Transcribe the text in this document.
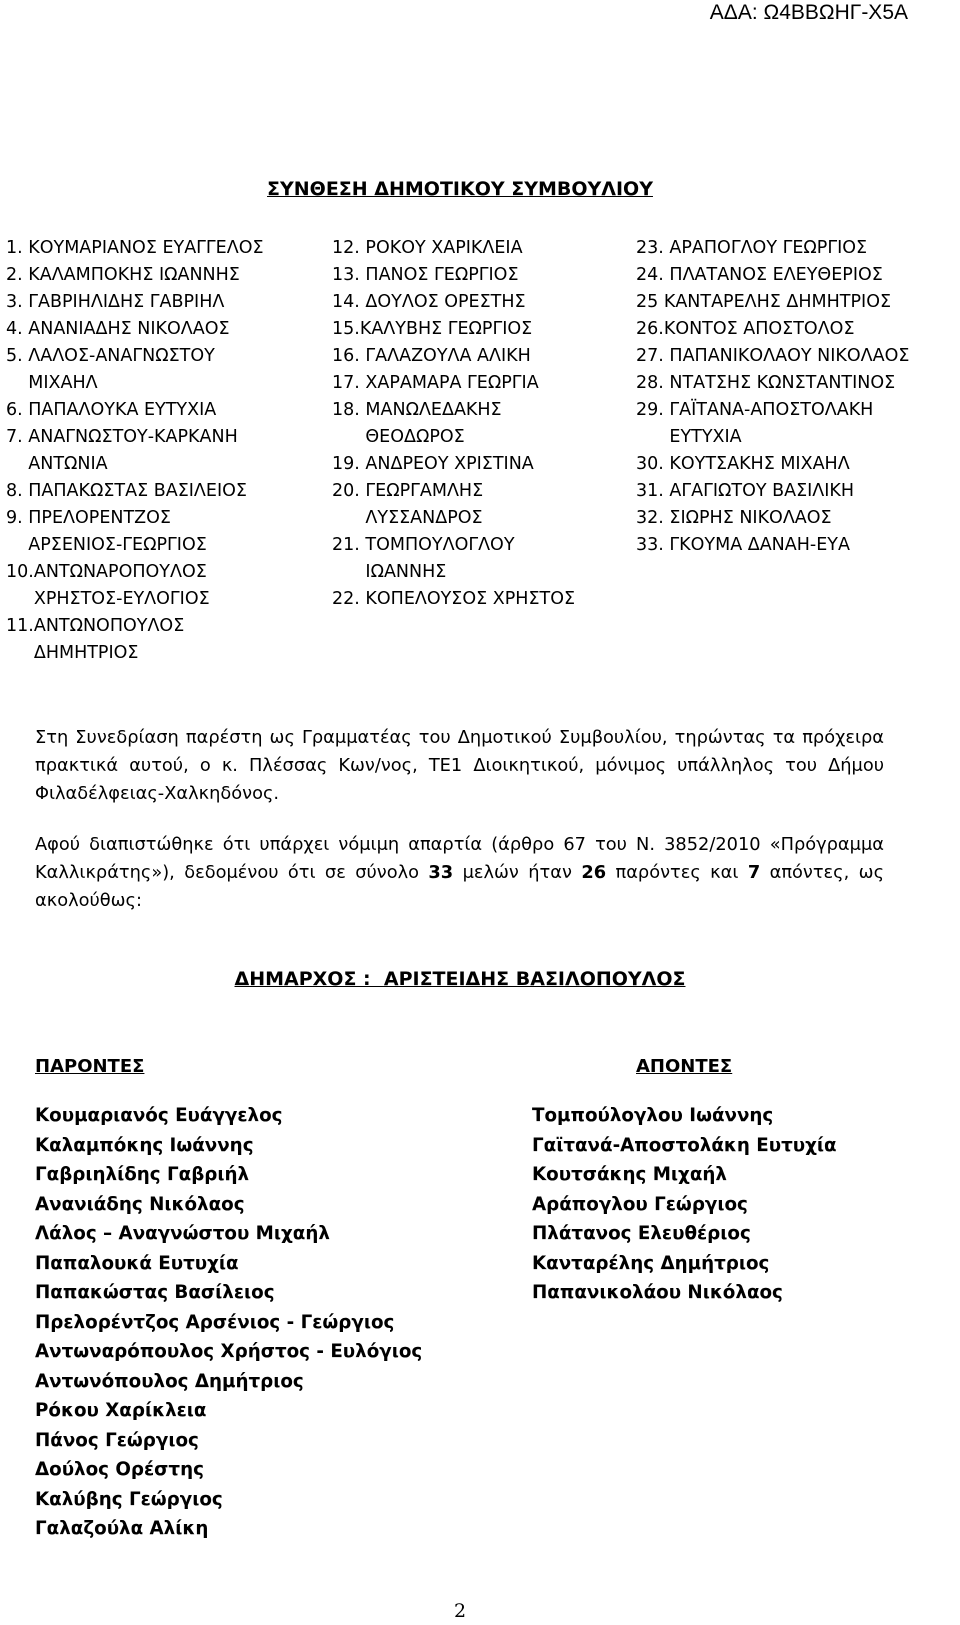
ΑΔΑ: Ω4ΒΒΩΗΓ-Χ5Α
ΣΥΝΘΕΣΗ ΔΗΜΟΤΙΚΟΥ ΣΥΜΒΟΥΛΙΟΥ
1. ΚΟΥΜΑΡΙΑΝΟΣ ΕΥΑΓΓΕΛΟΣ
2. ΚΑΛΑΜΠΟΚΗΣ ΙΩΑΝΝΗΣ
3. ΓΑΒΡΙΗΛΙΔΗΣ ΓΑΒΡΙΗΛ
4. ΑΝΑΝΙΑΔΗΣ ΝΙΚΟΛΑΟΣ
5. ΛΑΛΟΣ-ΑΝΑΓΝΩΣΤΟΥ
ΜΙΧΑΗΛ
6. ΠΑΠΑΛΟΥΚΑ ΕΥΤΥΧΙΑ
7. ΑΝΑΓΝΩΣΤΟΥ-ΚΑΡΚΑΝΗ
ΑΝΤΩΝΙΑ
8. ΠΑΠΑΚΩΣΤΑΣ ΒΑΣΙΛΕΙΟΣ
9. ΠΡΕΛΟΡΕΝΤΖΟΣ
ΑΡΣΕΝΙΟΣ-ΓΕΩΡΓΙΟΣ
10. ΑΝΤΩΝΑΡΟΠΟΥΛΟΣ
ΧΡΗΣΤΟΣ-ΕΥΛΟΓΙΟΣ
11. ΑΝΤΩΝΟΠΟΥΛΟΣ
ΔΗΜΗΤΡΙΟΣ
12. ΡΟΚΟΥ ΧΑΡΙΚΛΕΙΑ
13. ΠΑΝΟΣ ΓΕΩΡΓΙΟΣ
14. ΔΟΥΛΟΣ ΟΡΕΣΤΗΣ
15. ΚΑΛΥΒΗΣ ΓΕΩΡΓΙΟΣ
16. ΓΑΛΑΖΟΥΛΑ ΑΛΙΚΗ
17. ΧΑΡΑΜΑΡΑ ΓΕΩΡΓΙΑ
18. ΜΑΝΩΛΕΔΑΚΗΣ
ΘΕΟΔΩΡΟΣ
19. ΑΝΔΡΕΟΥ ΧΡΙΣΤΙΝΑ
20. ΓΕΩΡΓΑΜΛΗΣ
ΛΥΣΣΑΝΔΡΟΣ
21. ΤΟΜΠΟΥΛΟΓΛΟΥ
ΙΩΑΝΝΗΣ
22. ΚΟΠΕΛΟΥΣΟΣ ΧΡΗΣΤΟΣ
23. ΑΡΑΠΟΓΛΟΥ ΓΕΩΡΓΙΟΣ
24. ΠΛΑΤΑΝΟΣ ΕΛΕΥΘΕΡΙΟΣ
25 ΚΑΝΤΑΡΕΛΗΣ ΔΗΜΗΤΡΙΟΣ
26. ΚΟΝΤΟΣ ΑΠΟΣΤΟΛΟΣ
27. ΠΑΠΑΝΙΚΟΛΑΟΥ ΝΙΚΟΛΑΟΣ
28. ΝΤΑΤΣΗΣ ΚΩΝΣΤΑΝΤΙΝΟΣ
29. ΓΑΪΤΑΝΑ-ΑΠΟΣΤΟΛΑΚΗ
ΕΥΤΥΧΙΑ
30. ΚΟΥΤΣΑΚΗΣ ΜΙΧΑΗΛ
31. ΑΓΑΓΙΩΤΟΥ ΒΑΣΙΛΙΚΗ
32. ΣΙΩΡΗΣ ΝΙΚΟΛΑΟΣ
33. ΓΚΟΥΜΑ ΔΑΝΑΗ-ΕΥΑ
Στη Συνεδρίαση παρέστη ως Γραμματέας του Δημοτικού Συμβουλίου, τηρώντας τα πρόχειρα πρακτικά αυτού, ο κ. Πλέσσας Κων/νος, ΤΕ1 Διοικητικού, μόνιμος υπάλληλος του Δήμου Φιλαδέλφειας-Χαλκηδόνος.
Αφού διαπιστώθηκε ότι υπάρχει νόμιμη απαρτία (άρθρο 67 του Ν. 3852/2010 «Πρόγραμμα Καλλικράτης»), δεδομένου ότι σε σύνολο 33 μελών ήταν 26 παρόντες και 7 απόντες, ως ακολούθως:
ΔΗΜΑΡΧΟΣ :  ΑΡΙΣΤΕΙΔΗΣ ΒΑΣΙΛΟΠΟΥΛΟΣ
ΠΑΡΟΝΤΕΣ	ΑΠΟΝΤΕΣ
Κουμαριανός Ευάγγελος
Καλαμπόκης Ιωάννης
Γαβριηλίδης Γαβριήλ
Ανανιάδης Νικόλαος
Λάλος – Αναγνώστου Μιχαήλ
Παπαλουκά Ευτυχία
Παπακώστας Βασίλειος
Πρελορέντζος Αρσένιος - Γεώργιος
Αντωναρόπουλος Χρήστος - Ευλόγιος
Αντωνόπουλος Δημήτριος
Ρόκου Χαρίκλεια
Πάνος Γεώργιος
Δούλος Ορέστης
Καλύβης Γεώργιος
Γαλαζούλα Αλίκη
Τομπούλογλου Ιωάννης
Γαϊτανά-Αποστολάκη Ευτυχία
Κουτσάκης Μιχαήλ
Αράπογλου Γεώργιος
Πλάτανος Ελευθέριος
Κανταρέλης Δημήτριος
Παπανικολάου Νικόλαος
2
